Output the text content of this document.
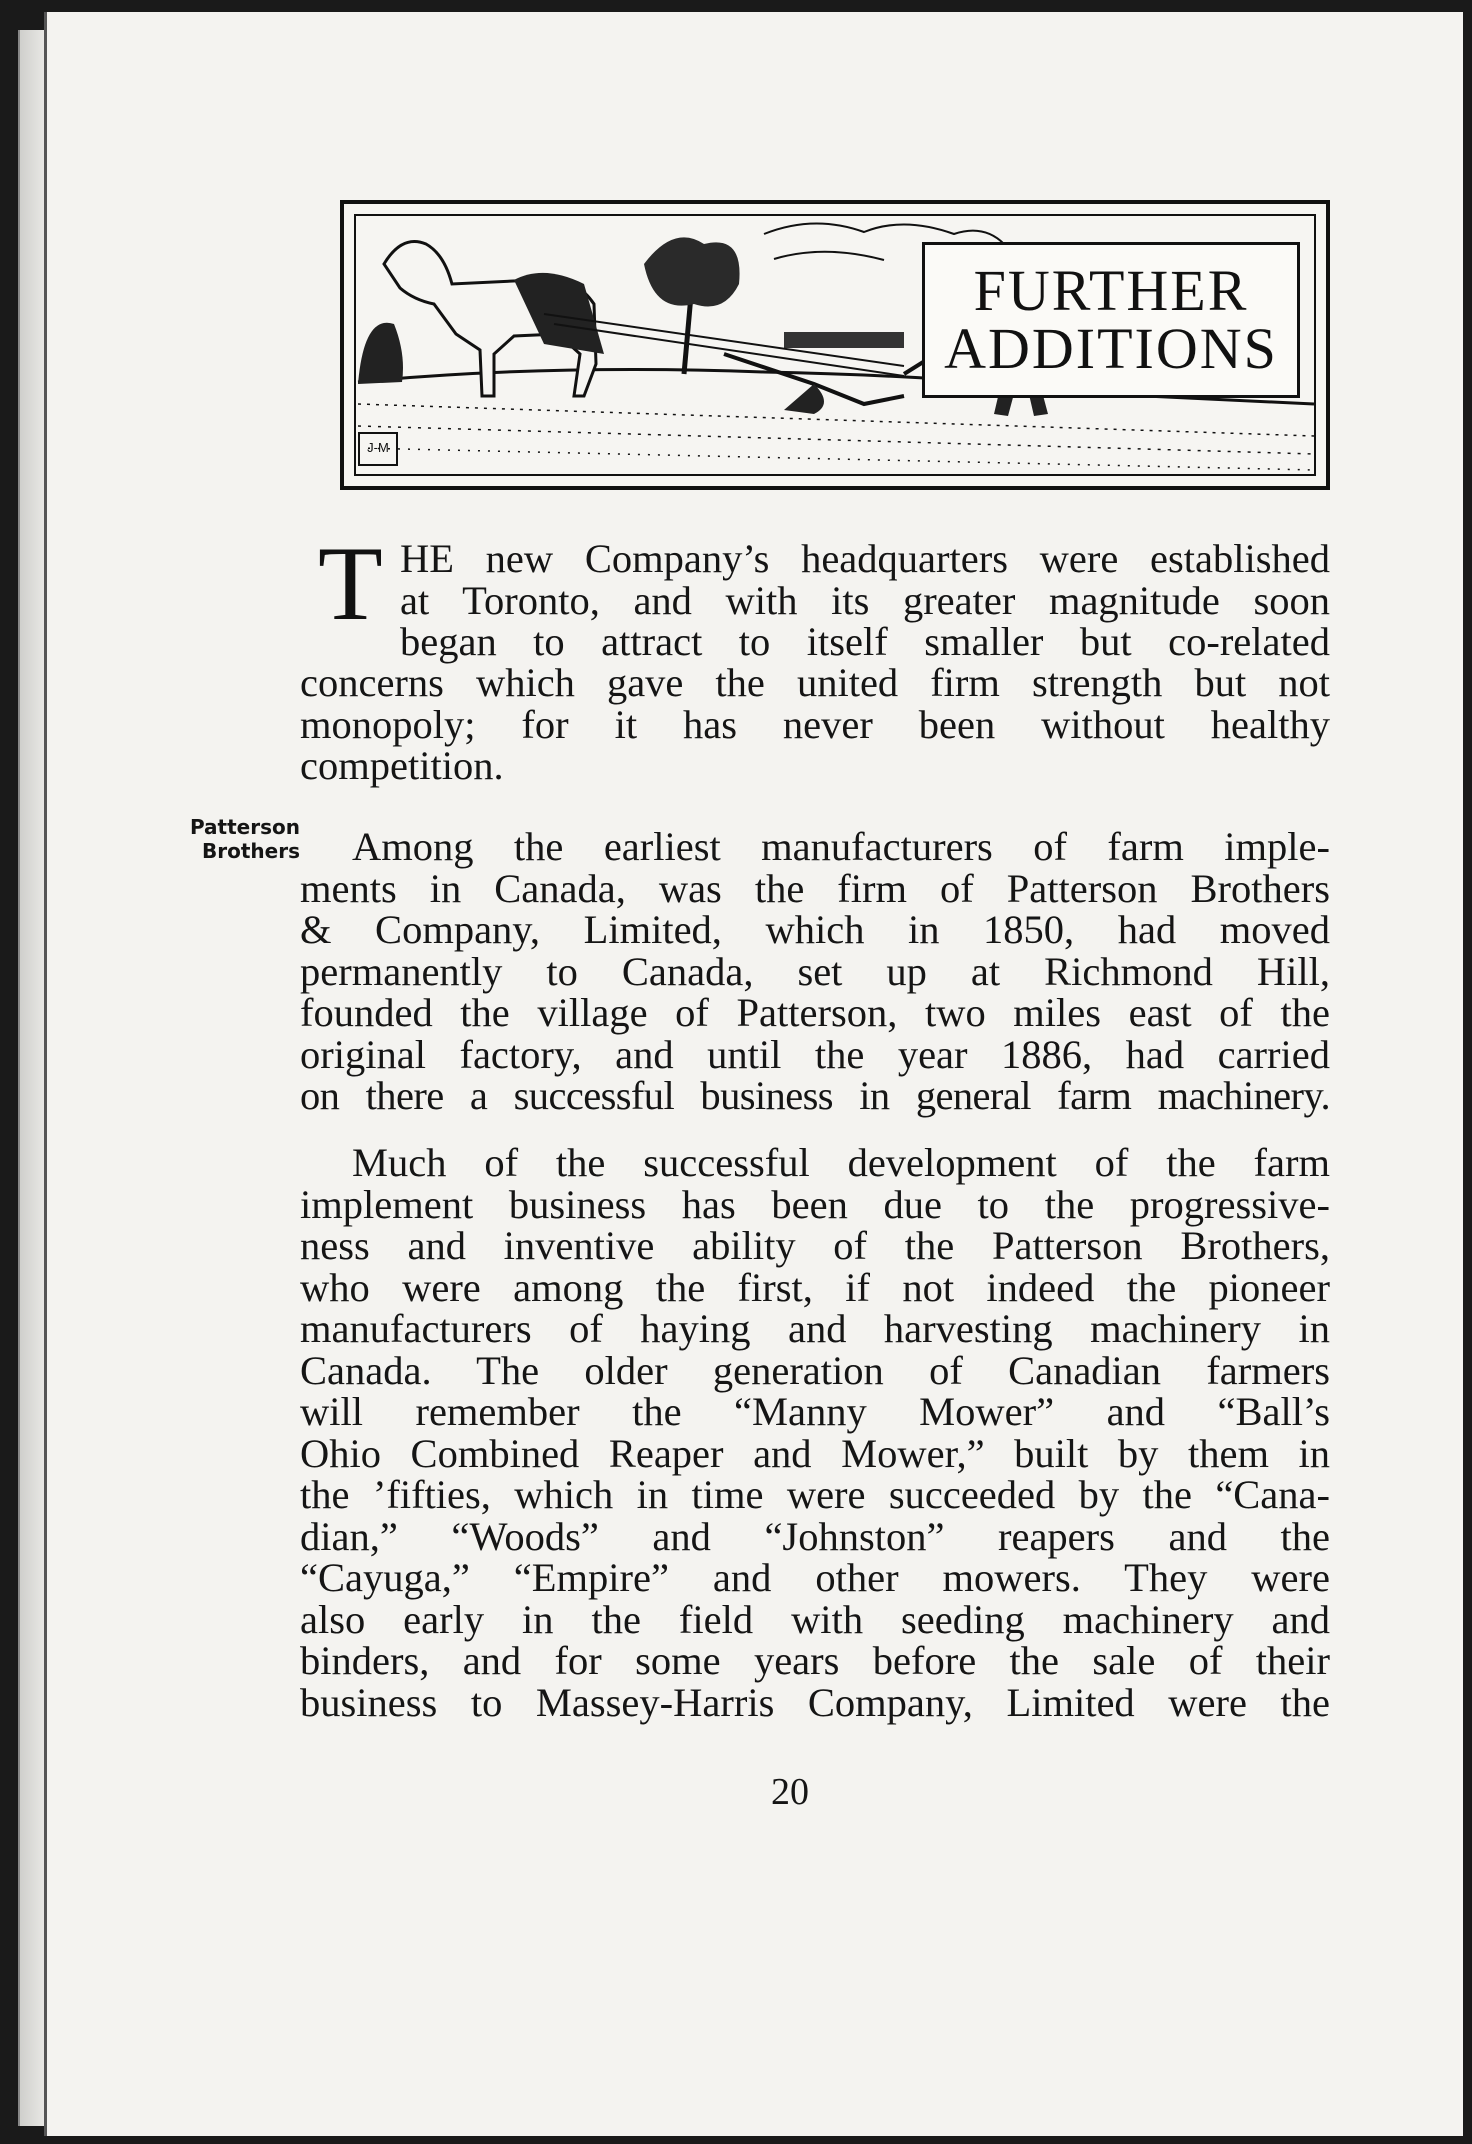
FURTHER
ADDITIONS
J-M
T HE new Company’s headquarters were established
at Toronto, and with its greater magnitude soon
began to attract to itself smaller but co-related
concerns which gave the united firm strength but not
monopoly; for it has never been without healthy
competition.
Patterson
Brothers	Among the earliest manufacturers of farm imple-
ments in Canada, was the firm of Patterson Brothers
& Company, Limited, which in 1850, had moved
permanently to Canada, set up at Richmond Hill,
founded the village of Patterson, two miles east of the
original factory, and until the year 1886, had carried
on there a successful business in general farm machinery.
Much of the successful development of the farm
implement business has been due to the progressive-
ness and inventive ability of the Patterson Brothers,
who were among the first, if not indeed the pioneer
manufacturers of haying and harvesting machinery in
Canada. The older generation of Canadian farmers
will remember the “Manny Mower” and “Ball’s
Ohio Combined Reaper and Mower,” built by them in
the ’fifties, which in time were succeeded by the “Cana-
dian,” “Woods” and “Johnston” reapers and the
“Cayuga,” “Empire” and other mowers. They were
also early in the field with seeding machinery and
binders, and for some years before the sale of their
business to Massey-Harris Company, Limited were the
20
